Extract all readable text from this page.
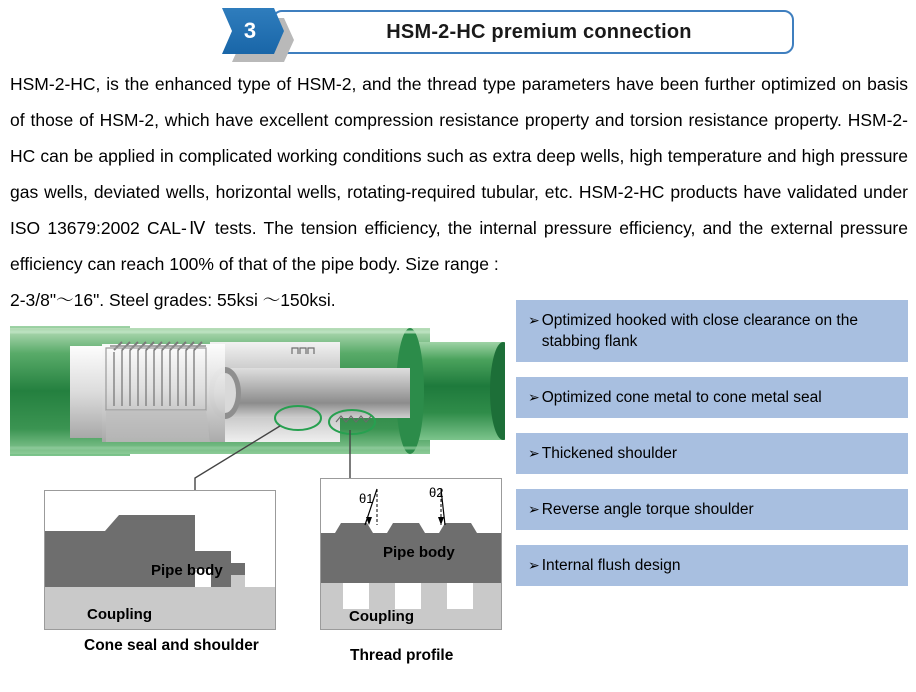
3	HSM-2-HC premium connection
HSM-2-HC, is the enhanced type of HSM-2, and the thread type parameters have been further optimized on basis of those of HSM-2, which have excellent compression resistance property and torsion resistance property. HSM-2-HC can be applied in complicated working conditions such as extra deep wells, high temperature and high pressure gas wells, deviated wells, horizontal wells, rotating-required tubular, etc. HSM-2-HC products have validated under ISO 13679:2002 CAL-Ⅳ tests. The tension efficiency, the internal pressure efficiency, and the external pressure efficiency can reach 100% of that of the pipe body. Size range :
2-3/8"〜16". Steel grades: 55ksi 〜150ksi.
Pipe body
Coupling
Cone seal and shoulder
θ1	θ2
Pipe body
Coupling
Thread profile
➢ Optimized hooked with close clearance on the stabbing flank
➢ Optimized cone metal to cone metal seal
➢ Thickened shoulder
➢ Reverse angle torque shoulder
➢ Internal flush design
